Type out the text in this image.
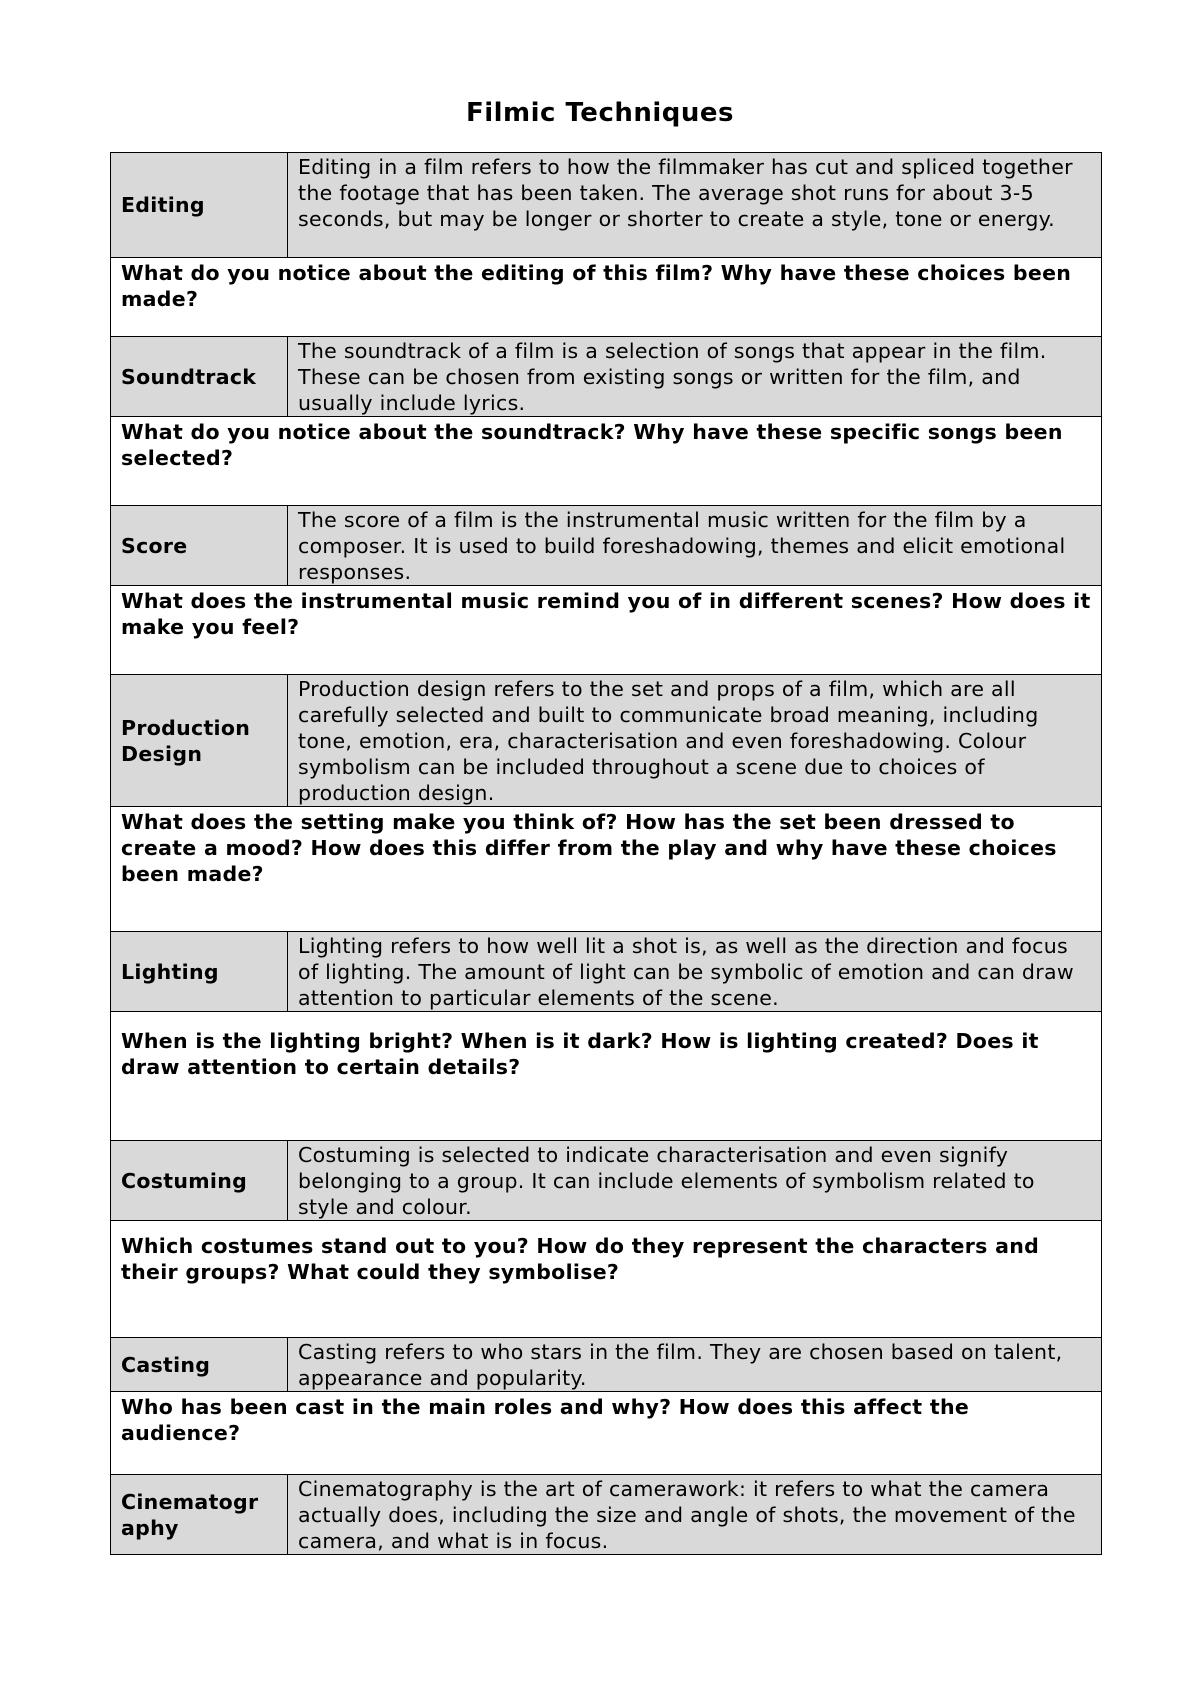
Filmic Techniques
Editing	Editing in a film refers to how the filmmaker has cut and spliced together the footage that has been taken. The average shot runs for about 3-5 seconds, but may be longer or shorter to create a style, tone or energy.
What do you notice about the editing of this film? Why have these choices been made?	
Soundtrack	The soundtrack of a film is a selection of songs that appear in the film. These can be chosen from existing songs or written for the film, and usually include lyrics.
What do you notice about the soundtrack? Why have these specific songs been selected?	
Score	The score of a film is the instrumental music written for the film by a composer. It is used to build foreshadowing, themes and elicit emotional responses.
What does the instrumental music remind you of in different scenes? How does it make you feel?	
Production Design	Production design refers to the set and props of a film, which are all carefully selected and built to communicate broad meaning, including tone, emotion, era, characterisation and even foreshadowing. Colour symbolism can be included throughout a scene due to choices of production design.
What does the setting make you think of? How has the set been dressed to create a mood? How does this differ from the play and why have these choices been made?	
Lighting	Lighting refers to how well lit a shot is, as well as the direction and focus of lighting. The amount of light can be symbolic of emotion and can draw attention to particular elements of the scene.
When is the lighting bright? When is it dark? How is lighting created? Does it draw attention to certain details?	
Costuming	Costuming is selected to indicate characterisation and even signify belonging to a group. It can include elements of symbolism related to style and colour.
Which costumes stand out to you? How do they represent the characters and their groups? What could they symbolise?	
Casting	Casting refers to who stars in the film. They are chosen based on talent, appearance and popularity.
Who has been cast in the main roles and why? How does this affect the audience?	
Cinematogr aphy	Cinematography is the art of camerawork: it refers to what the camera actually does, including the size and angle of shots, the movement of the camera, and what is in focus.
